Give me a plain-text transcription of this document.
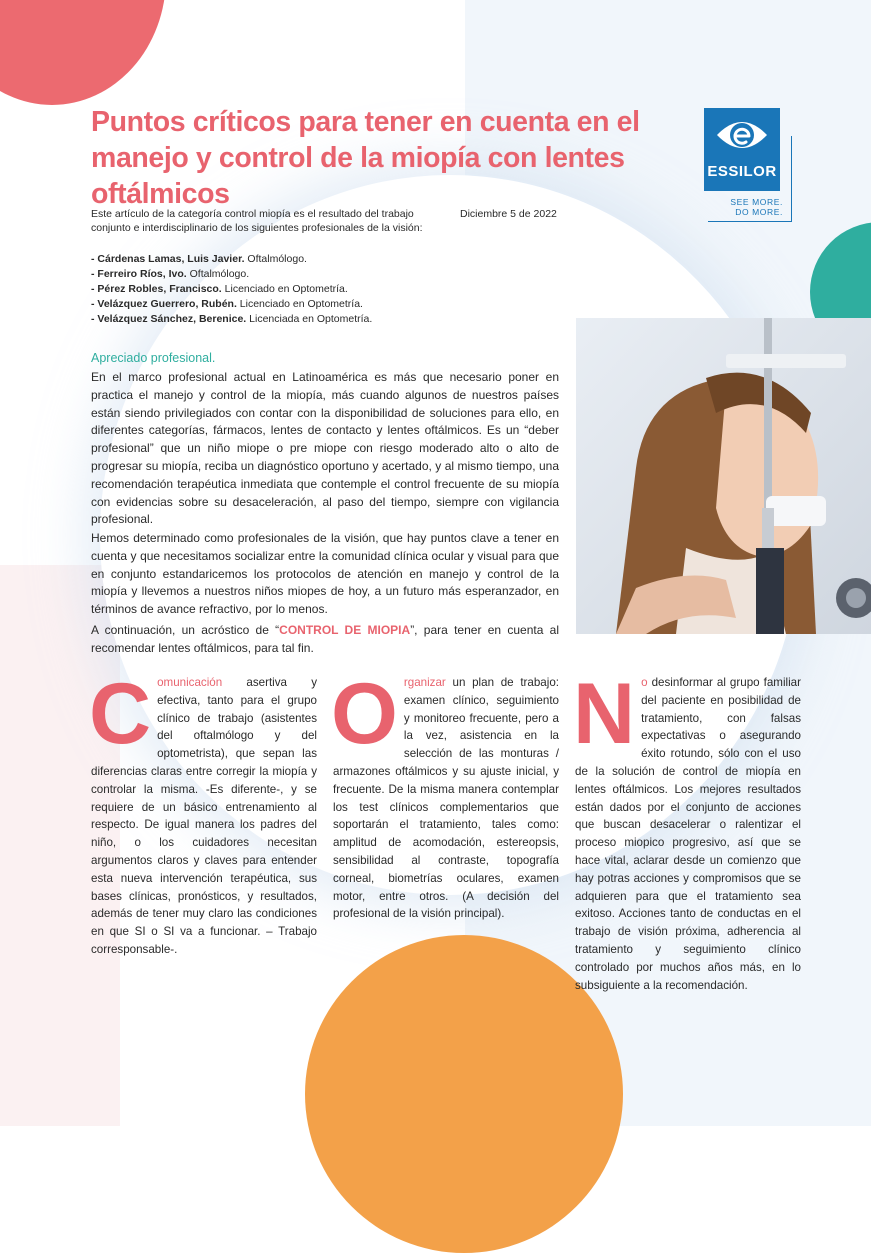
Puntos críticos para tener en cuenta en el manejo y control de la miopía con lentes oftálmicos	SEE MORE.
DO MORE.
ESSILOR
Este artículo de la categoría control miopía es el resultado del trabajo conjunto e interdisciplinario de los siguientes profesionales de la visión:
Diciembre 5 de 2022
- Cárdenas Lamas, Luis Javier. Oftalmólogo.
- Ferreiro Ríos, Ivo. Oftalmólogo.
- Pérez Robles, Francisco. Licenciado en Optometría.
- Velázquez Guerrero, Rubén. Licenciado en Optometría.
- Velázquez Sánchez, Berenice. Licenciada en Optometría.
Apreciado profesional.

En el marco profesional actual en Latinoamérica es más que necesario poner en practica el manejo y control de la miopía, más cuando algunos de nuestros países están siendo privilegiados con contar con la disponibilidad de soluciones para ello, en diferentes categorías, fármacos, lentes de contacto y lentes oftálmicos. Es un “deber profesional” que un niño miope o pre miope con riesgo moderado alto o alto de progresar su miopía, reciba un diagnóstico oportuno y acertado, y al mismo tiempo, una recomendación terapéutica inmediata que contemple el control frecuente de su miopía con evidencias sobre su desaceleración, al paso del tiempo, siempre con vigilancia profesional.

Hemos determinado como profesionales de la visión, que hay puntos clave a tener en cuenta y que necesitamos socializar entre la comunidad clínica ocular y visual para que en conjunto estandaricemos los protocolos de atención en manejo y control de la miopía y llevemos a nuestros niños miopes de hoy, a un futuro más esperanzador, en términos de avance refractivo, por lo menos.

A continuación, un acróstico de “CONTROL DE MIOPIA”, para tener en cuenta al recomendar lentes oftálmicos, para tal fin.

Comunicación asertiva y efectiva, tanto para el grupo clínico de trabajo (asistentes del oftalmólogo y del optometrista), que sepan las diferencias claras entre corregir la miopía y controlar la misma. -Es diferente-, y se requiere de un básico entrenamiento al respecto. De igual manera los padres del niño, o los cuidadores necesitan argumentos claros y claves para entender esta nueva intervención terapéutica, sus bases clínicas, pronósticos, y resultados, además de tener muy claro las condiciones en que SI o SI va a funcionar. – Trabajo corresponsable-.

Organizar un plan de trabajo: examen clínico, seguimiento y monitoreo frecuente, pero a la vez, asistencia en la selección de las monturas / armazones oftálmicos y su ajuste inicial, y frecuente. De la misma manera contemplar los test clínicos complementarios que soportarán el tratamiento, tales como: amplitud de acomodación, estereopsis, sensibilidad al contraste, topografía corneal, biometrías oculares, examen motor, entre otros. (A decisión del profesional de la visión principal).

No desinformar al grupo familiar del paciente en posibilidad de tratamiento, con falsas expectativas o asegurando éxito rotundo, sólo con el uso de la solución de control de miopía en lentes oftálmicos. Los mejores resultados están dados por el conjunto de acciones que buscan desacelerar o ralentizar el proceso miopico progresivo, así que se hace vital, aclarar desde un comienzo que hay potras acciones y compromisos que se adquieren para que el tratamiento sea exitoso. Acciones tanto de conductas en el trabajo de visión próxima, adherencia al tratamiento y seguimiento clínico controlado por muchos años más, en lo subsiguiente a la recomendación.
